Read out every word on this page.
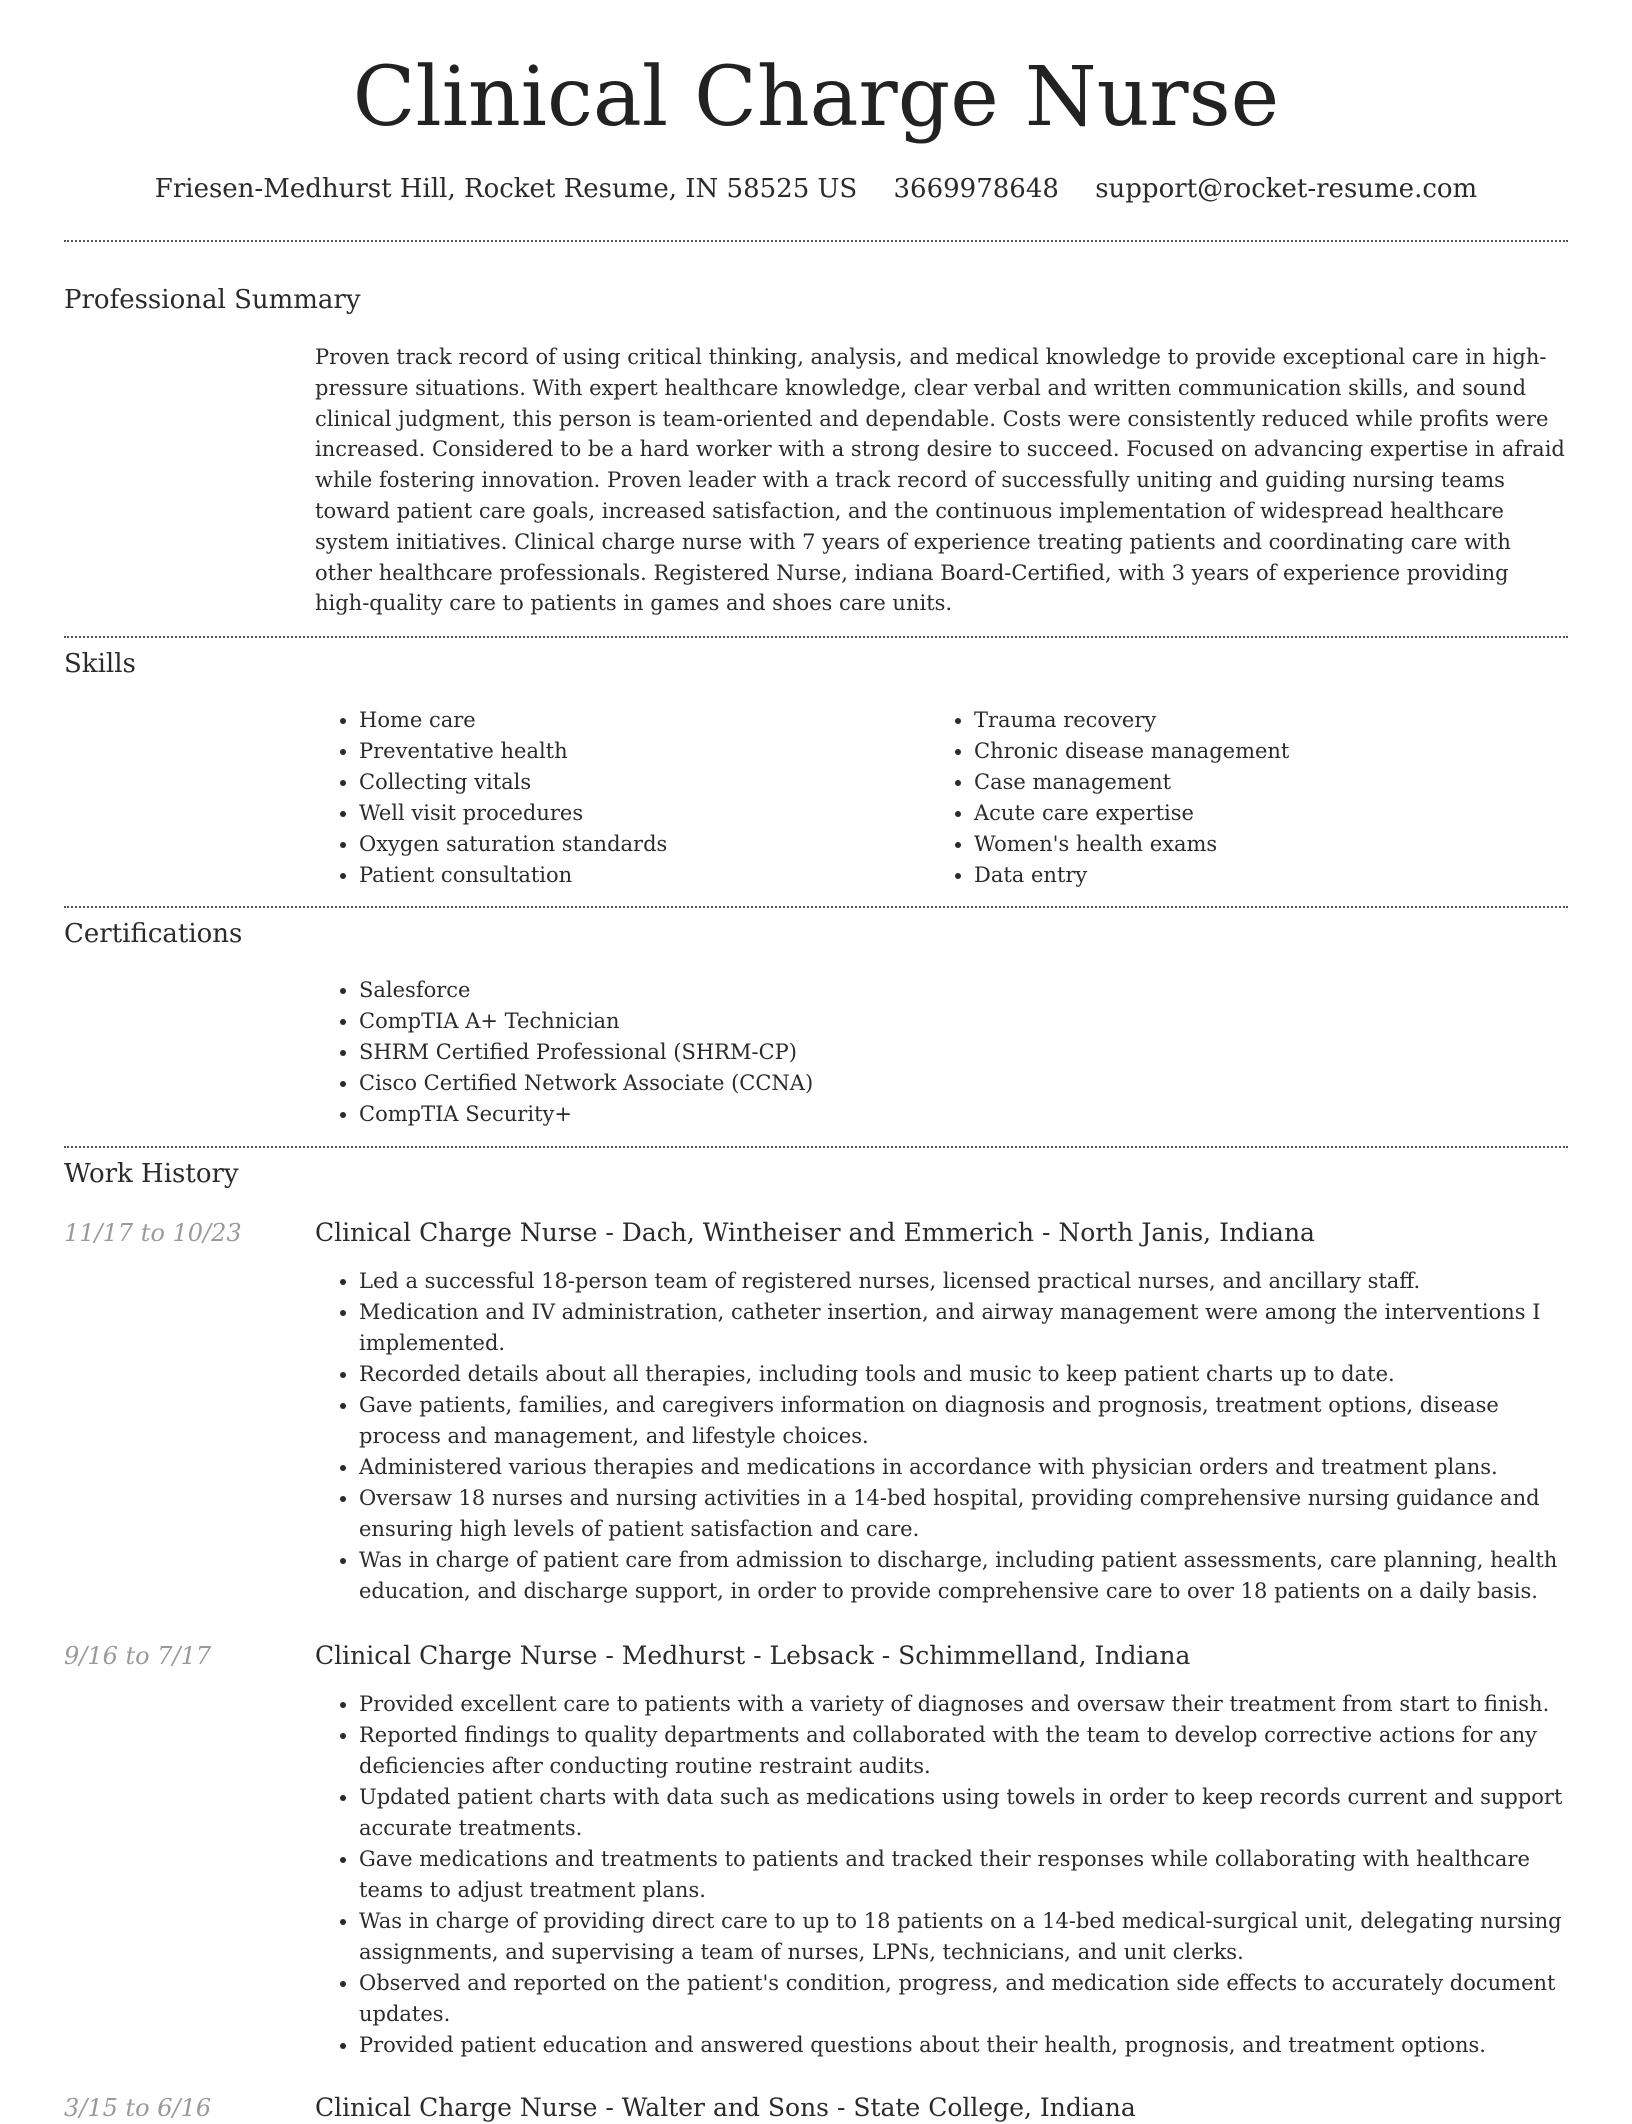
Clinical Charge Nurse
Friesen-Medhurst Hill, Rocket Resume, IN 58525 US 3669978648 support@rocket-resume.com
Professional Summary

Proven track record of using critical thinking, analysis, and medical knowledge to provide exceptional care in high-pressure situations. With expert healthcare knowledge, clear verbal and written communication skills, and sound clinical judgment, this person is team-oriented and dependable. Costs were consistently reduced while profits were increased. Considered to be a hard worker with a strong desire to succeed. Focused on advancing expertise in afraid while fostering innovation. Proven leader with a track record of successfully uniting and guiding nursing teams toward patient care goals, increased satisfaction, and the continuous implementation of widespread healthcare system initiatives. Clinical charge nurse with 7 years of experience treating patients and coordinating care with other healthcare professionals. Registered Nurse, indiana Board-Certified, with 3 years of experience providing high-quality care to patients in games and shoes care units.

Skills
• Home care
• Preventative health
• Collecting vitals
• Well visit procedures
• Oxygen saturation standards
• Patient consultation
• Trauma recovery
• Chronic disease management
• Case management
• Acute care expertise
• Women's health exams
• Data entry
Certifications
• Salesforce
• CompTIA A+ Technician
• SHRM Certified Professional (SHRM-CP)
• Cisco Certified Network Associate (CCNA)
• CompTIA Security+
Work History
11/17 to 10/23	Clinical Charge Nurse - Dach, Wintheiser and Emmerich - North Janis, Indiana
• Led a successful 18-person team of registered nurses, licensed practical nurses, and ancillary staff.
• Medication and IV administration, catheter insertion, and airway management were among the interventions I implemented.
• Recorded details about all therapies, including tools and music to keep patient charts up to date.
• Gave patients, families, and caregivers information on diagnosis and prognosis, treatment options, disease process and management, and lifestyle choices.
• Administered various therapies and medications in accordance with physician orders and treatment plans.
• Oversaw 18 nurses and nursing activities in a 14-bed hospital, providing comprehensive nursing guidance and ensuring high levels of patient satisfaction and care.
• Was in charge of patient care from admission to discharge, including patient assessments, care planning, health education, and discharge support, in order to provide comprehensive care to over 18 patients on a daily basis.
9/16 to 7/17	Clinical Charge Nurse - Medhurst - Lebsack - Schimmelland, Indiana
• Provided excellent care to patients with a variety of diagnoses and oversaw their treatment from start to finish.
• Reported findings to quality departments and collaborated with the team to develop corrective actions for any deficiencies after conducting routine restraint audits.
• Updated patient charts with data such as medications using towels in order to keep records current and support accurate treatments.
• Gave medications and treatments to patients and tracked their responses while collaborating with healthcare teams to adjust treatment plans.
• Was in charge of providing direct care to up to 18 patients on a 14-bed medical-surgical unit, delegating nursing assignments, and supervising a team of nurses, LPNs, technicians, and unit clerks.
• Observed and reported on the patient's condition, progress, and medication side effects to accurately document updates.
• Provided patient education and answered questions about their health, prognosis, and treatment options.
3/15 to 6/16	Clinical Charge Nurse - Walter and Sons - State College, Indiana
